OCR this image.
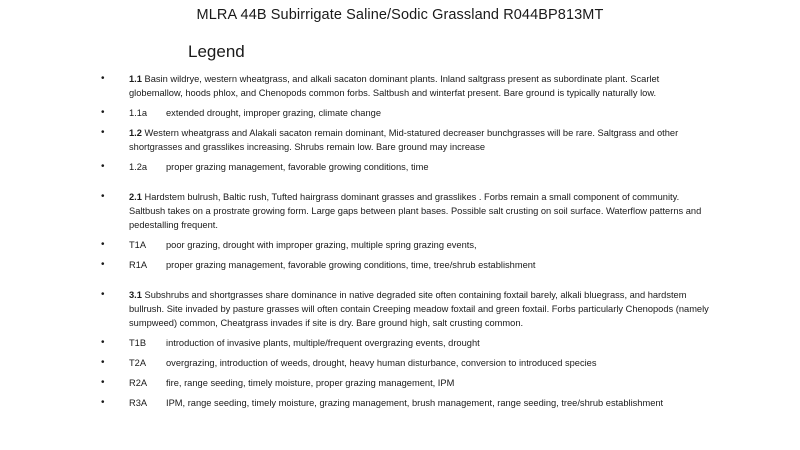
MLRA 44B Subirrigate Saline/Sodic Grassland R044BP813MT
Legend
• 1.1 Basin wildrye, western wheatgrass, and alkali sacaton dominant plants. Inland saltgrass present as subordinate plant. Scarlet globemallow, hoods phlox, and Chenopods common forbs. Saltbush and winterfat present. Bare ground is typically naturally low.
• 1.1a	extended drought, improper grazing, climate change
• 1.2 Western wheatgrass and Alakali sacaton remain dominant, Mid-statured decreaser bunchgrasses will be rare. Saltgrass and other shortgrasses and grasslikes increasing. Shrubs remain low. Bare ground may increase
• 1.2a	proper grazing management, favorable growing conditions, time
• 2.1 Hardstem bulrush, Baltic rush, Tufted hairgrass dominant grasses and grasslikes . Forbs remain a small component of community. Saltbush takes on a prostrate growing form. Large gaps between plant bases. Possible salt crusting on soil surface. Waterflow patterns and pedestalling frequent.
• T1A	poor grazing, drought with improper grazing, multiple spring grazing events,
• R1A	proper grazing management, favorable growing conditions, time, tree/shrub establishment
• 3.1 Subshrubs and shortgrasses share dominance in native degraded site often containing foxtail barely, alkali bluegrass, and hardstem bullrush. Site invaded by pasture grasses will often contain Creeping meadow foxtail and green foxtail. Forbs particularly Chenopods (namely sumpweed) common, Cheatgrass invades if site is dry. Bare ground high, salt crusting common.
• T1B	introduction of invasive plants, multiple/frequent overgrazing events, drought
• T2A	overgrazing, introduction of weeds, drought, heavy human disturbance, conversion to introduced species
• R2A	fire, range seeding, timely moisture, proper grazing management, IPM
• R3A	IPM, range seeding, timely moisture, grazing management, brush management, range seeding, tree/shrub establishment
